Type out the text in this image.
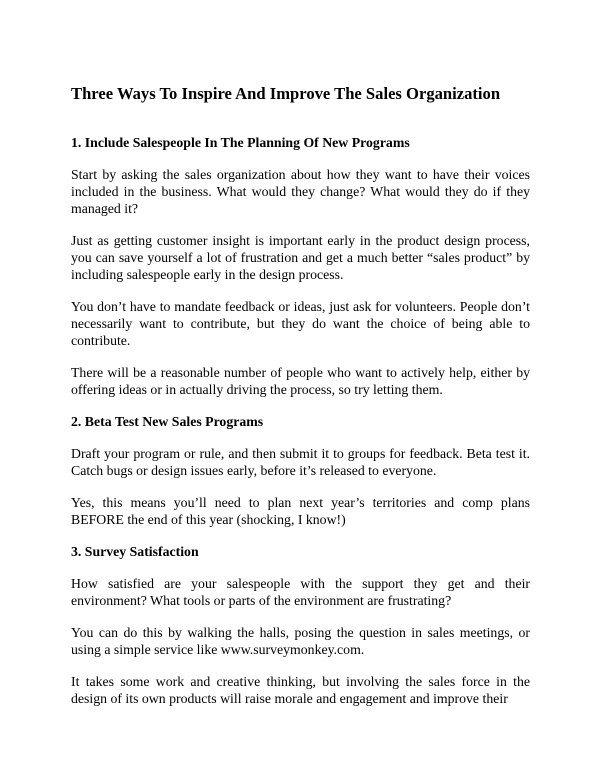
Three Ways To Inspire And Improve The Sales Organization
1. Include Salespeople In The Planning Of New Programs

Start by asking the sales organization about how they want to have their voices included in the business. What would they change? What would they do if they managed it?

Just as getting customer insight is important early in the product design process, you can save yourself a lot of frustration and get a much better “sales product” by including salespeople early in the design process.

You don’t have to mandate feedback or ideas, just ask for volunteers. People don’t necessarily want to contribute, but they do want the choice of being able to contribute.

There will be a reasonable number of people who want to actively help, either by offering ideas or in actually driving the process, so try letting them.

2. Beta Test New Sales Programs

Draft your program or rule, and then submit it to groups for feedback. Beta test it. Catch bugs or design issues early, before it’s released to everyone.

Yes, this means you’ll need to plan next year’s territories and comp plans BEFORE the end of this year (shocking, I know!)

3. Survey Satisfaction

How satisfied are your salespeople with the support they get and their environment? What tools or parts of the environment are frustrating?

You can do this by walking the halls, posing the question in sales meetings, or using a simple service like www.surveymonkey.com.

It takes some work and creative thinking, but involving the sales force in the design of its own products will raise morale and engagement and improve their
